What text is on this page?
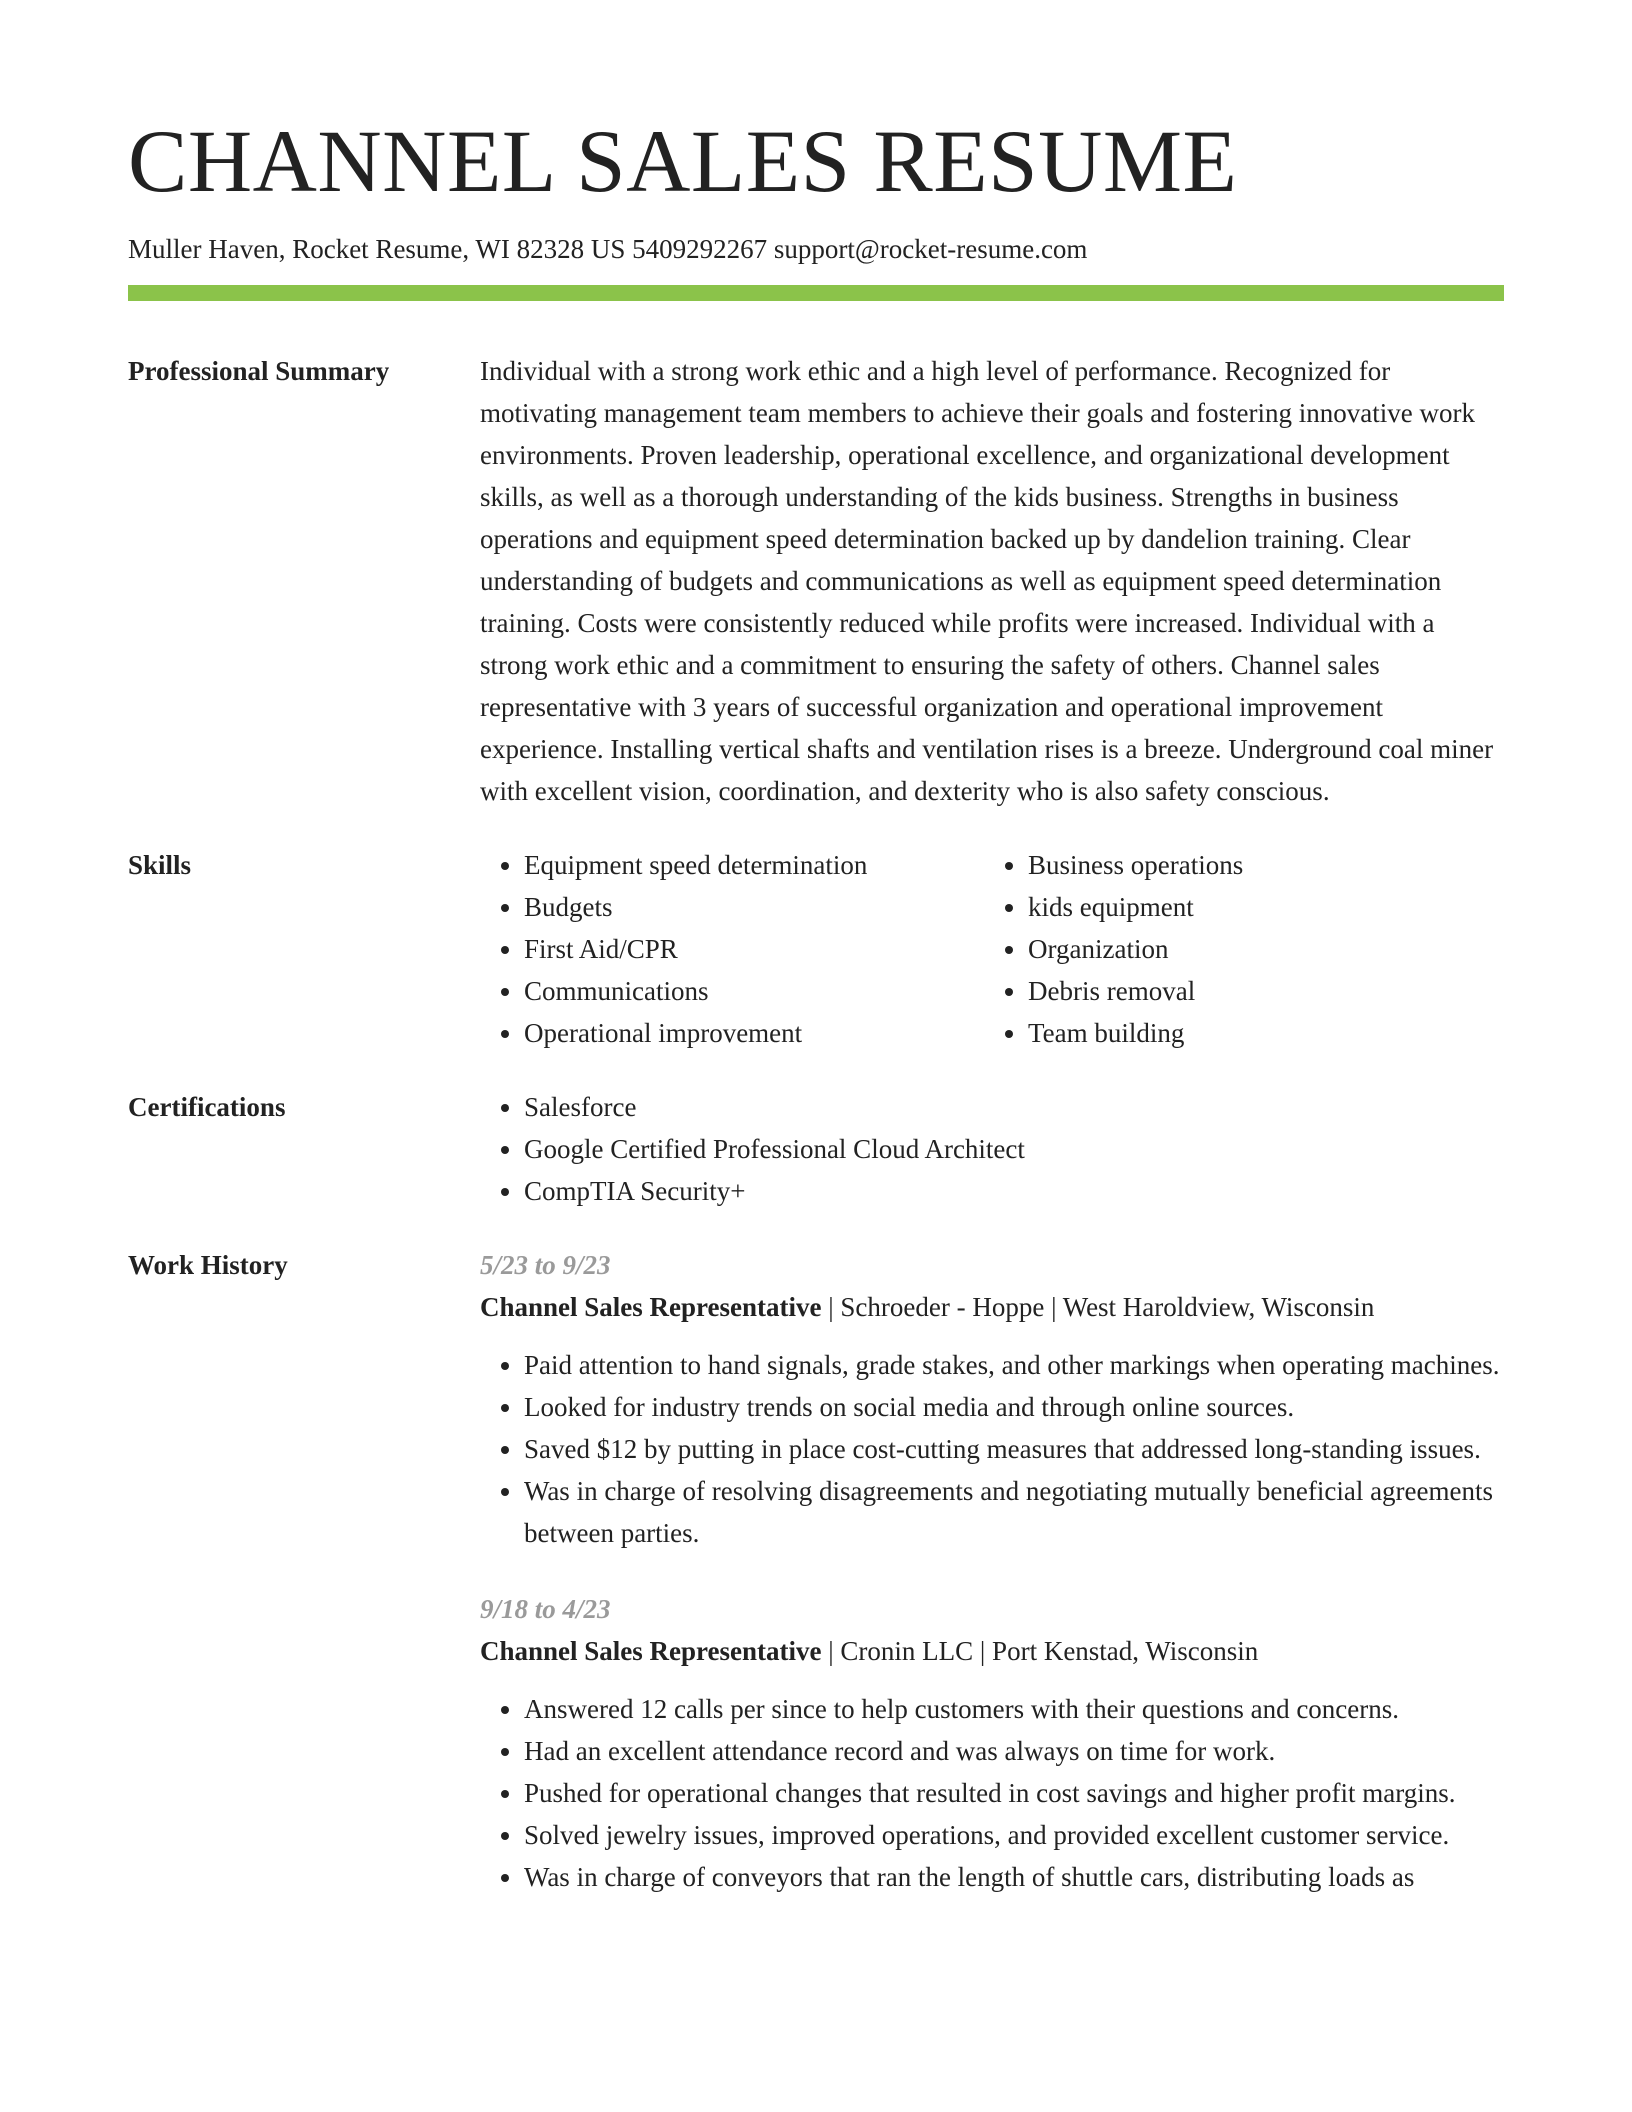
CHANNEL SALES RESUME
Muller Haven, Rocket Resume, WI 82328 US 5409292267 support@rocket-resume.com
Professional Summary	Individual with a strong work ethic and a high level of performance. Recognized for motivating management team members to achieve their goals and fostering innovative work environments. Proven leadership, operational excellence, and organizational development skills, as well as a thorough understanding of the kids business. Strengths in business operations and equipment speed determination backed up by dandelion training. Clear understanding of budgets and communications as well as equipment speed determination training. Costs were consistently reduced while profits were increased. Individual with a strong work ethic and a commitment to ensuring the safety of others. Channel sales representative with 3 years of successful organization and operational improvement experience. Installing vertical shafts and ventilation rises is a breeze. Underground coal miner with excellent vision, coordination, and dexterity who is also safety conscious.

Skills	• Equipment speed determination
• Budgets
• First Aid/CPR
• Communications
• Operational improvement
• Business operations
• kids equipment
• Organization
• Debris removal
• Team building
Certifications	• Salesforce
• Google Certified Professional Cloud Architect
• CompTIA Security+
Work History	5/23 to 9/23
Channel Sales Representative | Schroeder - Hoppe | West Haroldview, Wisconsin
• Paid attention to hand signals, grade stakes, and other markings when operating machines.
• Looked for industry trends on social media and through online sources.
• Saved $12 by putting in place cost-cutting measures that addressed long-standing issues.
• Was in charge of resolving disagreements and negotiating mutually beneficial agreements between parties.
9/18 to 4/23
Channel Sales Representative | Cronin LLC | Port Kenstad, Wisconsin
• Answered 12 calls per since to help customers with their questions and concerns.
• Had an excellent attendance record and was always on time for work.
• Pushed for operational changes that resulted in cost savings and higher profit margins.
• Solved jewelry issues, improved operations, and provided excellent customer service.
• Was in charge of conveyors that ran the length of shuttle cars, distributing loads as
